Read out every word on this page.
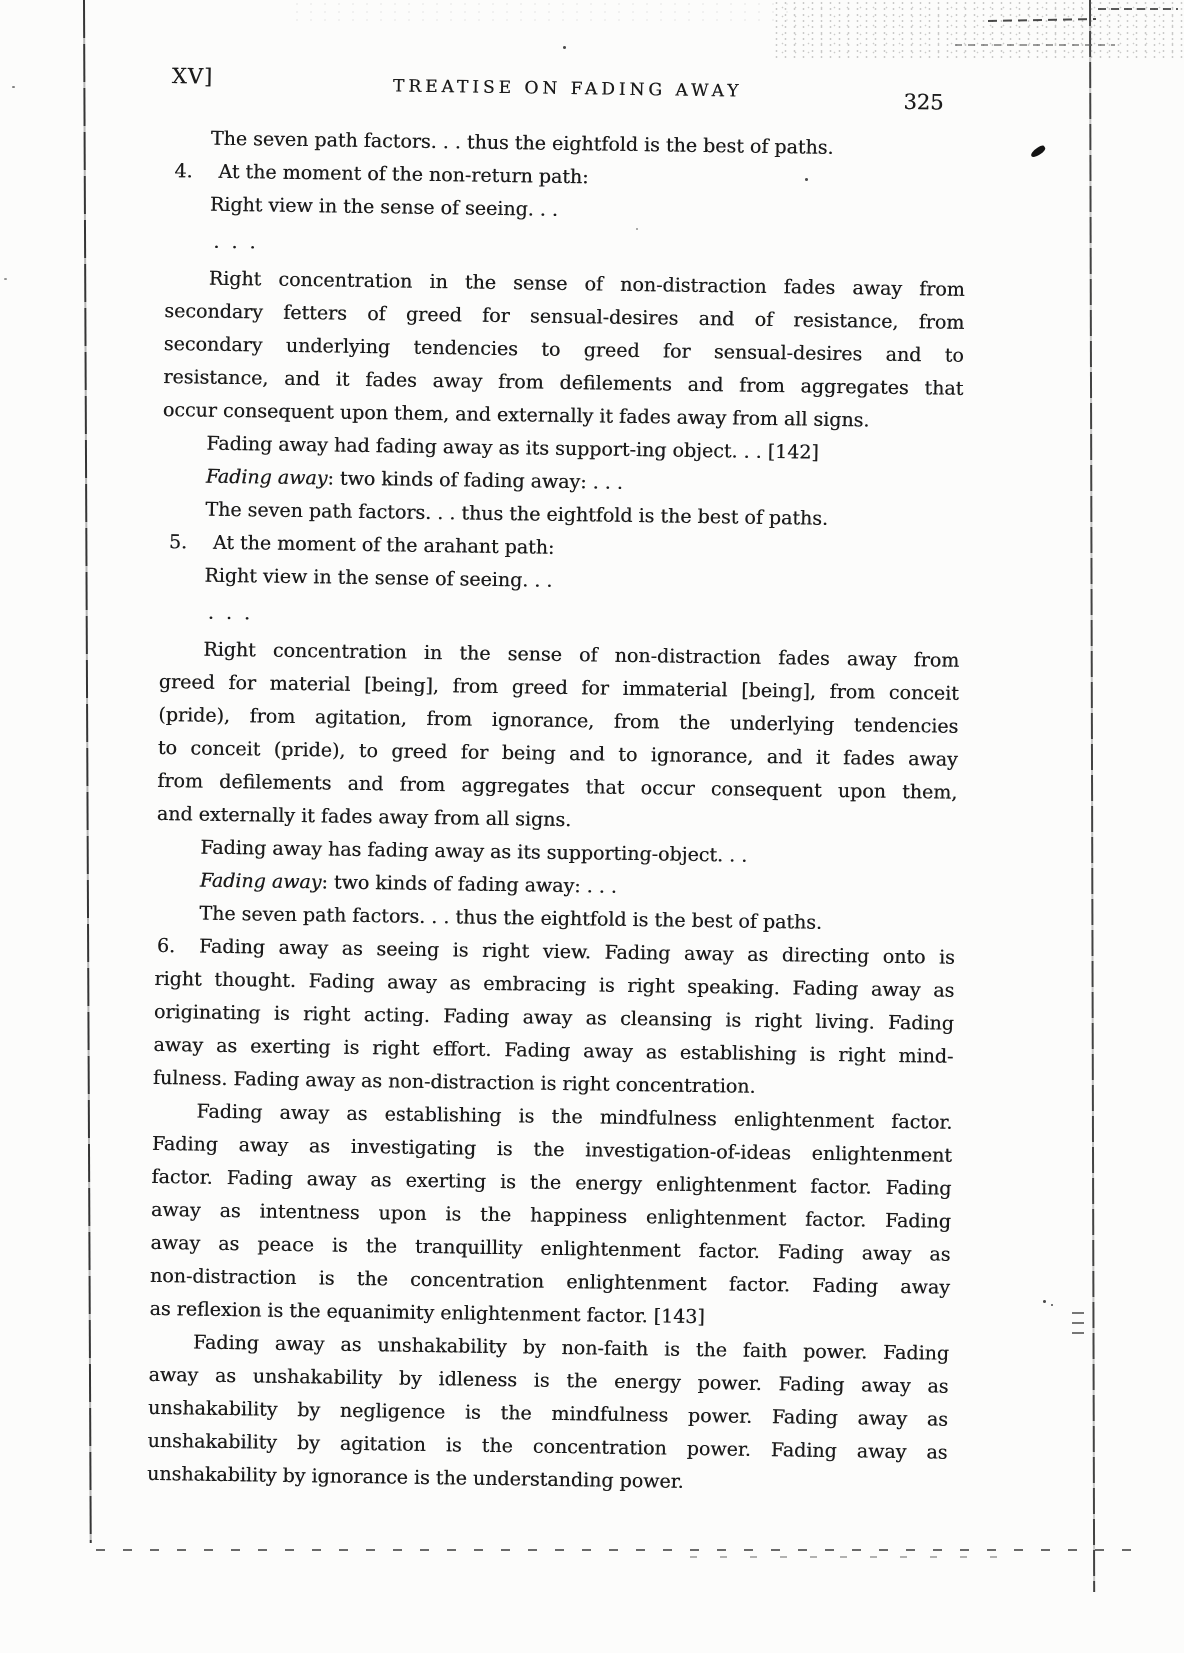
XV]	TREATISE ON FADING AWAY
325
The seven path factors. . . thus the eightfold is the best of paths.
4. At the moment of the non-return path:
Right view in the sense of seeing. . .
. . .
Right concentration in the sense of non-distraction fades away from
secondary fetters of greed for sensual-desires and of resistance, from
secondary underlying tendencies to greed for sensual-desires and to
resistance, and it fades away from defilements and from aggregates that
occur consequent upon them, and externally it fades away from all signs.
Fading away had fading away as its support-ing object. . . [142]
Fading away: two kinds of fading away: . . .
The seven path factors. . . thus the eightfold is the best of paths.
5. At the moment of the arahant path:
Right view in the sense of seeing. . .
. . .
Right concentration in the sense of non-distraction fades away from
greed for material [being], from greed for immaterial [being], from conceit
(pride), from agitation, from ignorance, from the underlying tendencies
to conceit (pride), to greed for being and to ignorance, and it fades away
from defilements and from aggregates that occur consequent upon them,
and externally it fades away from all signs.
Fading away has fading away as its supporting-object. . .
Fading away: two kinds of fading away: . . .
The seven path factors. . . thus the eightfold is the best of paths.
6. Fading away as seeing is right view. Fading away as directing onto is
right thought. Fading away as embracing is right speaking. Fading away as
originating is right acting. Fading away as cleansing is right living. Fading
away as exerting is right effort. Fading away as establishing is right mind-
fulness. Fading away as non-distraction is right concentration.
Fading away as establishing is the mindfulness enlightenment factor.
Fading away as investigating is the investigation-of-ideas enlightenment
factor. Fading away as exerting is the energy enlightenment factor. Fading
away as intentness upon is the happiness enlightenment factor. Fading
away as peace is the tranquillity enlightenment factor. Fading away as
non-distraction is the concentration enlightenment factor. Fading away
as reflexion is the equanimity enlightenment factor. [143]
Fading away as unshakability by non-faith is the faith power. Fading
away as unshakability by idleness is the energy power. Fading away as
unshakability by negligence is the mindfulness power. Fading away as
unshakability by agitation is the concentration power. Fading away as
unshakability by ignorance is the understanding power.
